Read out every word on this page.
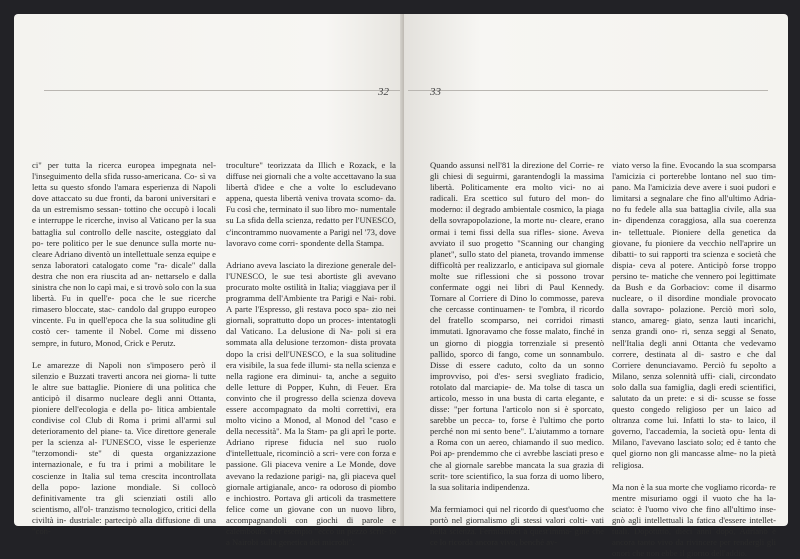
32

ci" per tutta la ricerca europea impegnata nel- l'inseguimento della sfida russo-americana. Co- sì va letta su questo sfondo l'amara esperienza di Napoli dove attaccato su due fronti, da baroni universitari e da un estremismo sessan- tottino che occupò i locali e interruppe le ricerche, inviso al Vaticano per la sua battaglia sul controllo delle nascite, osteggiato dal po- tere politico per le sue denunce sulla morte nu- cleare Adriano diventò un intellettuale senza equipe e senza laboratori catalogato come "ra- dicale" dalla destra che non era riuscita ad an- nettarselo e dalla sinistra che non lo capì mai, e si trovò solo con la sua libertà. Fu in quell'e- poca che le sue ricerche rimasero bloccate, stac- candolo dal gruppo europeo vincente. Fu in quell'epoca che la sua solitudine gli costò cer- tamente il Nobel. Come mi disseno sempre, in futuro, Monod, Crick e Perutz.

Le amarezze di Napoli non s'imposero però il silenzio e Buzzati traverti ancora nei giorna- li tutte le altre sue battaglie. Pioniere di una politica che anticipò il disarmo nucleare degli anni Ottanta, pioniere dell'ecologia e della po- litica ambientale condivise col Club di Roma i primi all'armi sul deterioramento del piane- ta. Vice direttore generale per la scienza al- l'UNESCO, visse le esperienze "terzomondi- ste" di questa organizzazione internazionale, e fu tra i primi a mobilitare le coscienze in Italia sul tema crescita incontrollata della popo- lazione mondiale. Si collocò definitivamente tra gli scienziati ostili allo scientismo, all'ol- tranzismo tecnologico, critici della civiltà in- dustriale: partecipò alla diffusione di una "con-

troculture" teorizzata da Illich e Rozack, e la diffuse nei giornali che a volte accettavano la sua libertà d'idee e che a volte lo escludevano appena, questa libertà veniva trovata scomo- da. Fu così che, terminato il suo libro mo- numentale su La sfida della scienza, redatto per l'UNESCO, c'incontrammo nuovamente a Parigi nel '73, dove lavoravo come corri- spondente della Stampa.

Adriano aveva lasciato la direzione generale del- l'UNESCO, le sue tesi abortiste gli avevano procurato molte ostilità in Italia; viaggiava per il programma dell'Ambiente tra Parigi e Nai- robi. A parte l'Espresso, gli restava poco spa- zio nei giornali, soprattutto dopo un proces- intentatogli dal Vaticano. La delusione di Na- poli si era sommata alla delusione terzomon- dista provata dopo la crisi dell'UNESCO, e la sua solitudine era visibile, la sua fede illumi- sta nella scienza e nella ragione era diminui- ta, anche a seguito delle letture di Popper, Kuhn, di Feuer. Era convinto che il progresso della scienza doveva essere accompagnato da molti correttivi, era molto vicino a Monod, al Monod del "caso e della necessità". Ma la Stam- pa gli aprì le porte. Adriano riprese fiducia nel suo ruolo d'intellettuale, ricominciò a scri- vere con forza e passione. Gli piaceva venire a Le Monde, dove avevano la redazione parigi- na, gli piaceva quel giornale artigianale, anco- ra odoroso di piombo e inchiostro. Portava gli articoli da trasmettere felice come un giovane con un nuovo libro, accompagnandoli con giochi di parole e calembours. Per esempio "ecco un pezzo scrit- to a Nairobi sulla genetica dei microbi".

33

Quando assunsi nell'81 la direzione del Corrie- re gli chiesi di seguirmi, garantendogli la massima libertà. Politicamente era molto vici- no ai radicali. Era scettico sul futuro del mon- do moderno: il degrado ambientale cosmico, la piaga della sovrapopolazione, la morte nu- cleare, erano ormai i temi fissi della sua rifles- sione. Aveva avviato il suo progetto "Scanning our changing planet", sullo stato del pianeta, trovando immense difficoltà per realizzarlo, e anticipava sul giornale molte sue riflessioni che si possono trovar confermate oggi nei libri di Paul Kennedy. Tornare al Corriere di Dino lo commosse, pareva che cercasse continuamen- te l'ombra, il ricordo del fratello scomparso, nei corridoi rimasti immutati. Ignoravamo che fosse malato, finché in un giorno di pioggia torrenziale si presentò pallido, sporco di fango, come un sonnambulo. Disse di essere caduto, colto da un sonno improvviso, poi d'es- sersi svegliato fradicio, rotolato dal marciapie- de. Ma tolse di tasca un articolo, messo in una busta di carta elegante, e disse: "per fortuna l'articolo non si è sporcato, sarebbe un pecca- to, forse è l'ultimo che porto perché non mi sento bene". L'aiutammo a tornare a Roma con un aereo, chiamando il suo medico. Poi ap- prendemmo che ci avrebbe lasciati preso e che al giornale sarebbe mancata la sua grazia di scrit- tore scientifico, la sua forza di uomo libero, la sua solitaria indipendenza.

Ma fermiamoci qui nel ricordo di quest'uomo che portò nel giornalismo gli stessi valori colti- vati nella scienza. Fermiamoci a quest'imma- gine che ce lo ricorda ancora vivo, benché av-

viato verso la fine. Evocando la sua scomparsa l'amicizia ci porterebbe lontano nel suo tim- pano. Ma l'amicizia deve avere i suoi pudori e limitarsi a segnalare che fino all'ultimo Adria- no fu fedele alla sua battaglia civile, alla sua in- dipendenza coraggiosa, alla sua coerenza in- tellettuale. Pioniere della genetica da giovane, fu pioniere da vecchio nell'aprire un dibatti- to sui rapporti tra scienza e società che dispia- ceva al potere. Anticipò forse troppo persino te- matiche che vennero poi legittimate da Bush e da Gorbaciov: come il disarmo nucleare, o il disordine mondiale provocato dalla sovrapo- polazione. Perciò morì solo, stanco, amareg- giato, senza lauti incarichi, senza grandi ono- ri, senza seggi al Senato, nell'Italia degli anni Ottanta che vedevamo correre, destinata al di- sastro e che dal Corriere denunciavamo. Perciò fu sepolto a Milano, senza solennità uffi- ciali, circondato solo dalla sua famiglia, dagli eredi scientifici, salutato da un prete: e si di- scusse se fosse questo congedo religioso per un laico ad oltranza come lui. Infatti lo sta- to laico, il governo, l'accademia, la società opu- lenta di Milano, l'avevano lasciato solo; ed è tanto che quel giorno non gli mancasse alme- no la pietà religiosa.

Ma non è la sua morte che vogliamo ricorda- re mentre misuriamo oggi il vuoto che ha la- sciato: è l'uomo vivo che fino all'ultimo inse- gnò agli intellettuali la fatica d'essere intellet- tuali. Dopotutto, dieci anni dopo, Adriano è ancora tanto vivo da rivincere per rendergli gli onori che non ebbe il giorno dell'addio.
